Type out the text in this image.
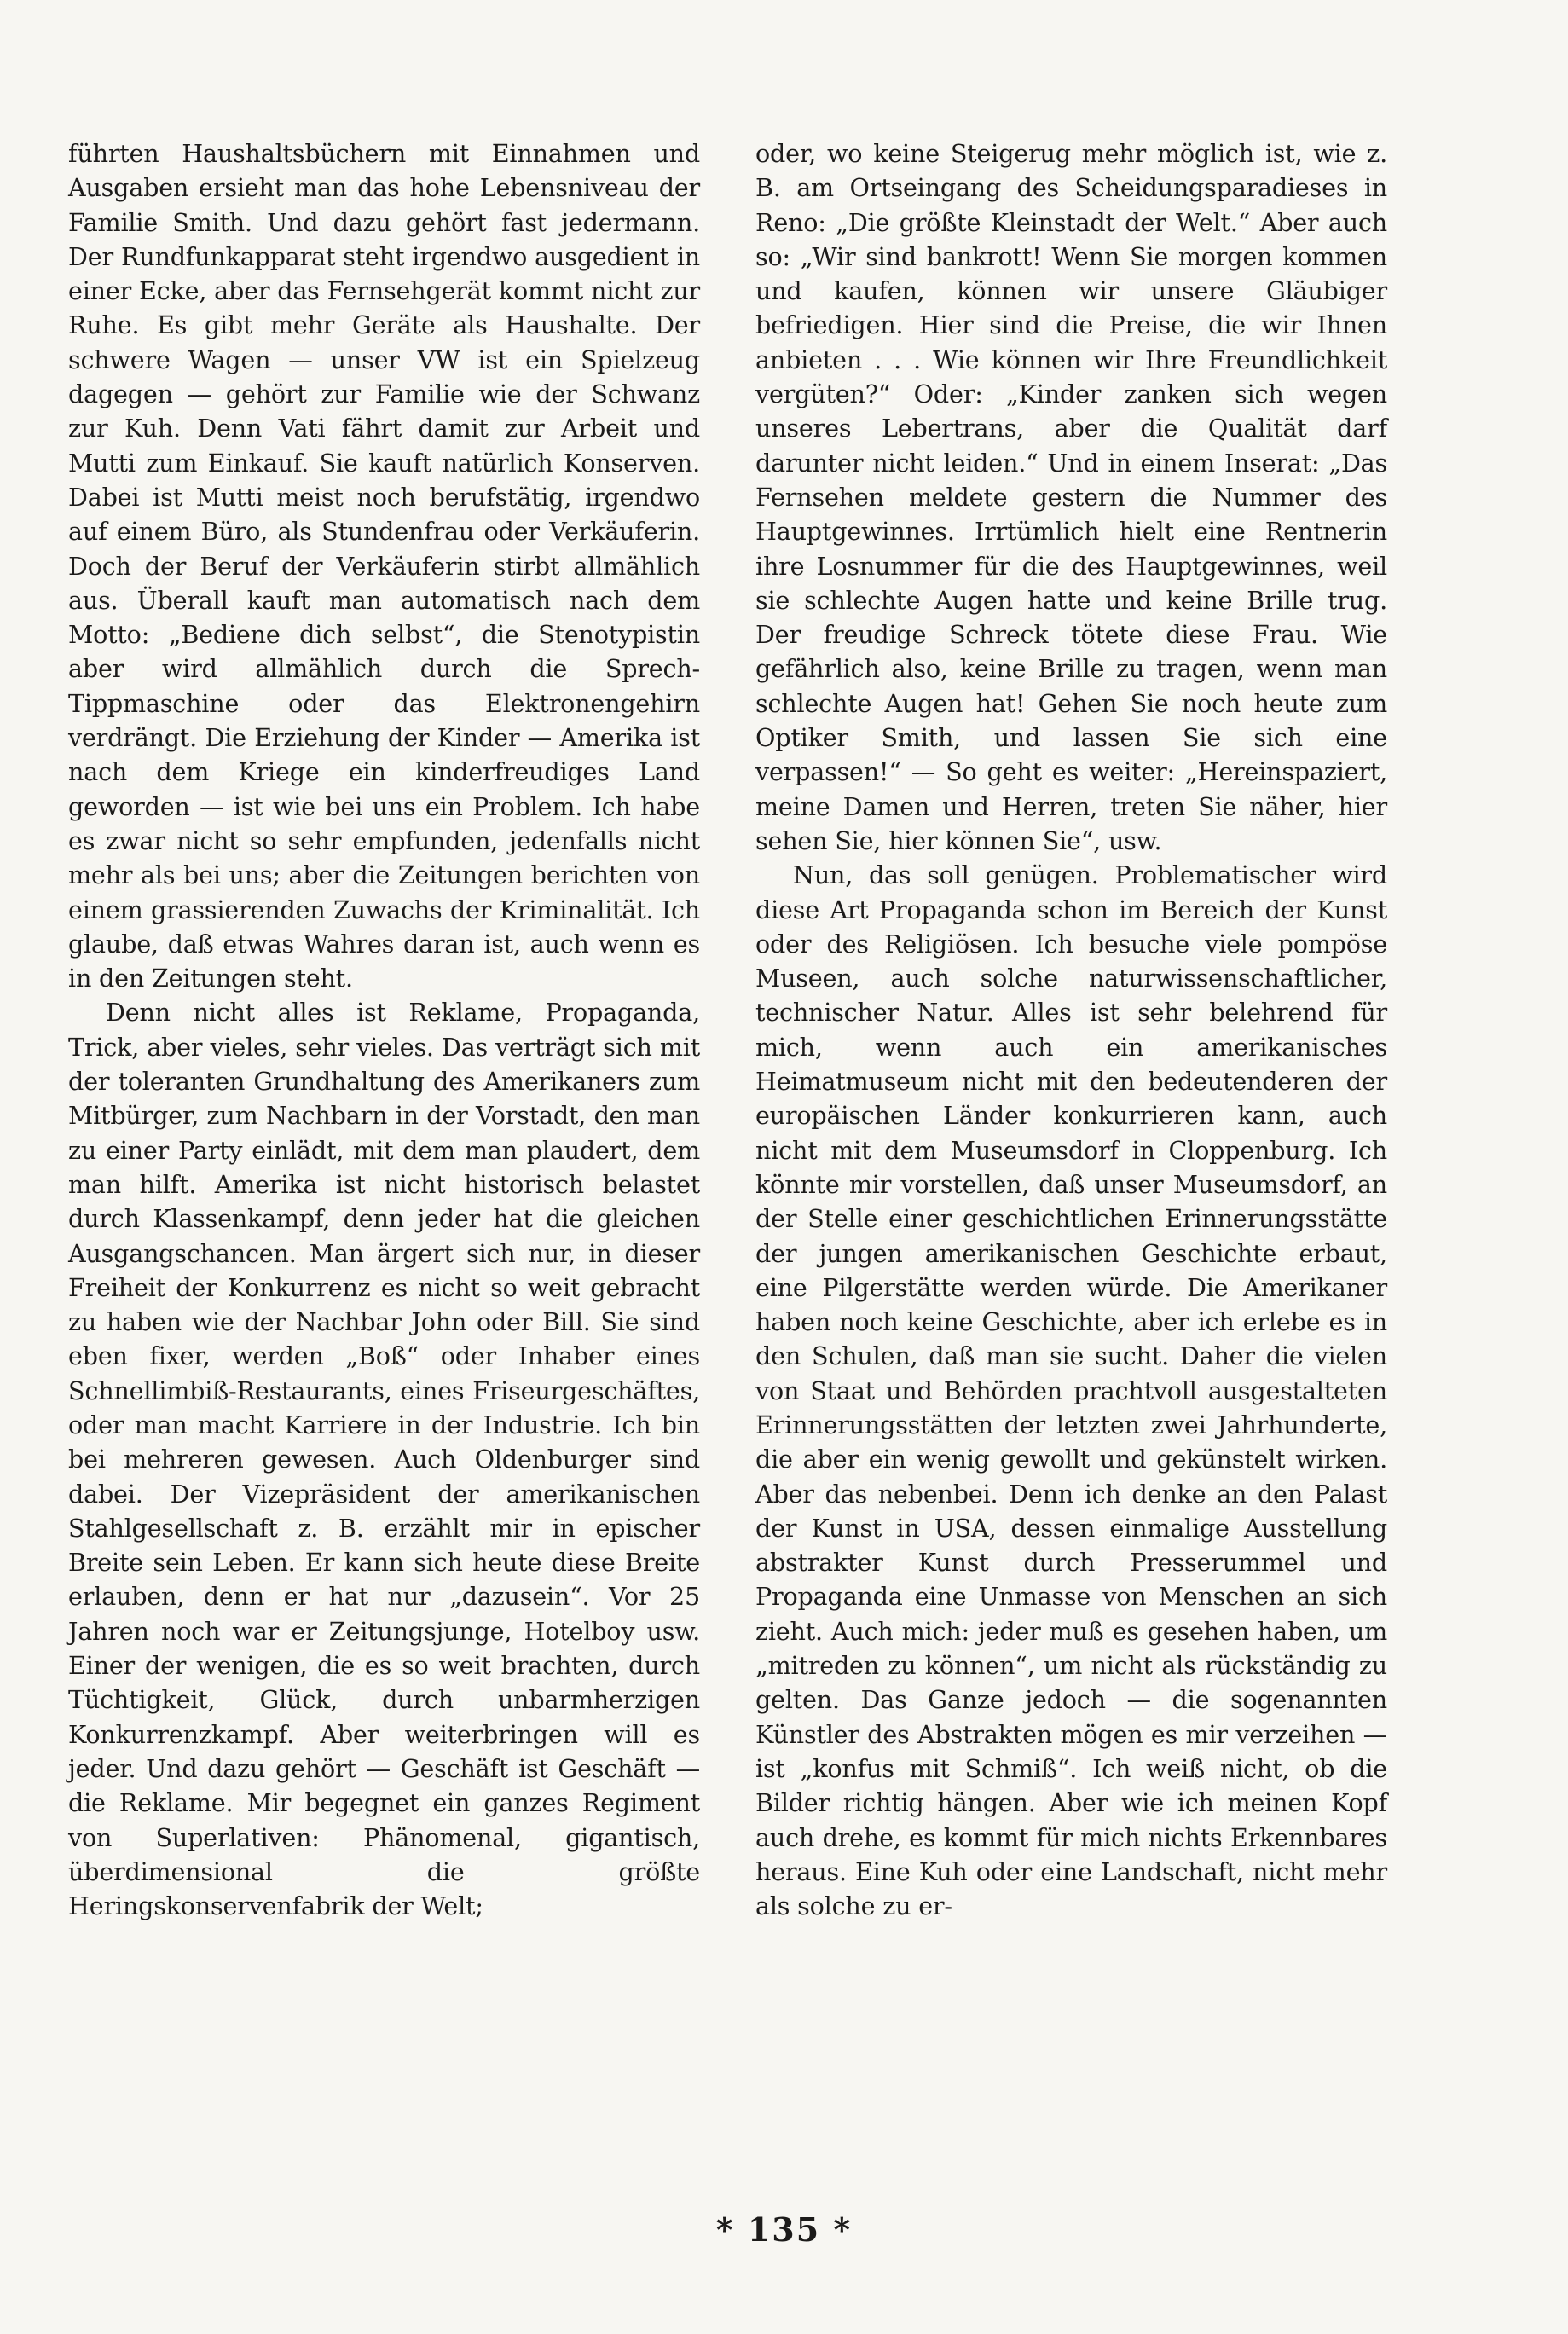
führten Haushaltsbüchern mit Einnahmen und Ausgaben ersieht man das hohe Lebensniveau der Familie Smith. Und dazu gehört fast jedermann. Der Rundfunkapparat steht irgendwo ausgedient in einer Ecke, aber das Fernsehgerät kommt nicht zur Ruhe. Es gibt mehr Geräte als Haushalte. Der schwere Wagen — unser VW ist ein Spielzeug dagegen — gehört zur Familie wie der Schwanz zur Kuh. Denn Vati fährt damit zur Arbeit und Mutti zum Einkauf. Sie kauft natürlich Konserven. Dabei ist Mutti meist noch berufstätig, irgendwo auf einem Büro, als Stundenfrau oder Verkäuferin. Doch der Beruf der Verkäuferin stirbt allmählich aus. Überall kauft man automatisch nach dem Motto: „Bediene dich selbst“, die Stenotypistin aber wird allmählich durch die Sprech-Tippmaschine oder das Elektronengehirn verdrängt. Die Erziehung der Kinder — Amerika ist nach dem Kriege ein kinderfreudiges Land geworden — ist wie bei uns ein Problem. Ich habe es zwar nicht so sehr empfunden, jedenfalls nicht mehr als bei uns; aber die Zeitungen berichten von einem grassierenden Zuwachs der Kriminalität. Ich glaube, daß etwas Wahres daran ist, auch wenn es in den Zeitungen steht.

Denn nicht alles ist Reklame, Propaganda, Trick, aber vieles, sehr vieles. Das verträgt sich mit der toleranten Grundhaltung des Amerikaners zum Mitbürger, zum Nachbarn in der Vorstadt, den man zu einer Party einlädt, mit dem man plaudert, dem man hilft. Amerika ist nicht historisch belastet durch Klassenkampf, denn jeder hat die gleichen Ausgangschancen. Man ärgert sich nur, in dieser Freiheit der Konkurrenz es nicht so weit gebracht zu haben wie der Nachbar John oder Bill. Sie sind eben fixer, werden „Boß“ oder Inhaber eines Schnellimbiß-Restaurants, eines Friseurgeschäftes, oder man macht Karriere in der Industrie. Ich bin bei mehreren gewesen. Auch Oldenburger sind dabei. Der Vizepräsident der amerikanischen Stahlgesellschaft z. B. erzählt mir in epischer Breite sein Leben. Er kann sich heute diese Breite erlauben, denn er hat nur „dazusein“. Vor 25 Jahren noch war er Zeitungsjunge, Hotelboy usw. Einer der wenigen, die es so weit brachten, durch Tüchtigkeit, Glück, durch unbarmherzigen Konkurrenzkampf. Aber weiterbringen will es jeder. Und dazu gehört — Geschäft ist Geschäft — die Reklame. Mir begegnet ein ganzes Regiment von Superlativen: Phänomenal, gigantisch, überdimensional die größte Heringskonservenfabrik der Welt;

oder, wo keine Steigerug mehr möglich ist, wie z. B. am Ortseingang des Scheidungsparadieses in Reno: „Die größte Kleinstadt der Welt.“ Aber auch so: „Wir sind bankrott! Wenn Sie morgen kommen und kaufen, können wir unsere Gläubiger befriedigen. Hier sind die Preise, die wir Ihnen anbieten . . . Wie können wir Ihre Freundlichkeit vergüten?“ Oder: „Kinder zanken sich wegen unseres Lebertrans, aber die Qualität darf darunter nicht leiden.“ Und in einem Inserat: „Das Fernsehen meldete gestern die Nummer des Hauptgewinnes. Irrtümlich hielt eine Rentnerin ihre Losnummer für die des Hauptgewinnes, weil sie schlechte Augen hatte und keine Brille trug. Der freudige Schreck tötete diese Frau. Wie gefährlich also, keine Brille zu tragen, wenn man schlechte Augen hat! Gehen Sie noch heute zum Optiker Smith, und lassen Sie sich eine verpassen!“ — So geht es weiter: „Hereinspaziert, meine Damen und Herren, treten Sie näher, hier sehen Sie, hier können Sie“, usw.

Nun, das soll genügen. Problematischer wird diese Art Propaganda schon im Bereich der Kunst oder des Religiösen. Ich besuche viele pompöse Museen, auch solche naturwissenschaftlicher, technischer Natur. Alles ist sehr belehrend für mich, wenn auch ein amerikanisches Heimatmuseum nicht mit den bedeutenderen der europäischen Länder konkurrieren kann, auch nicht mit dem Museumsdorf in Cloppenburg. Ich könnte mir vorstellen, daß unser Museumsdorf, an der Stelle einer geschichtlichen Erinnerungsstätte der jungen amerikanischen Geschichte erbaut, eine Pilgerstätte werden würde. Die Amerikaner haben noch keine Geschichte, aber ich erlebe es in den Schulen, daß man sie sucht. Daher die vielen von Staat und Behörden prachtvoll ausgestalteten Erinnerungsstätten der letzten zwei Jahrhunderte, die aber ein wenig gewollt und gekünstelt wirken. Aber das nebenbei. Denn ich denke an den Palast der Kunst in USA, dessen einmalige Ausstellung abstrakter Kunst durch Presserummel und Propaganda eine Unmasse von Menschen an sich zieht. Auch mich: jeder muß es gesehen haben, um „mitreden zu können“, um nicht als rückständig zu gelten. Das Ganze jedoch — die sogenannten Künstler des Abstrakten mögen es mir verzeihen — ist „konfus mit Schmiß“. Ich weiß nicht, ob die Bilder richtig hängen. Aber wie ich meinen Kopf auch drehe, es kommt für mich nichts Erkennbares heraus. Eine Kuh oder eine Landschaft, nicht mehr als solche zu er-

* 135 *
